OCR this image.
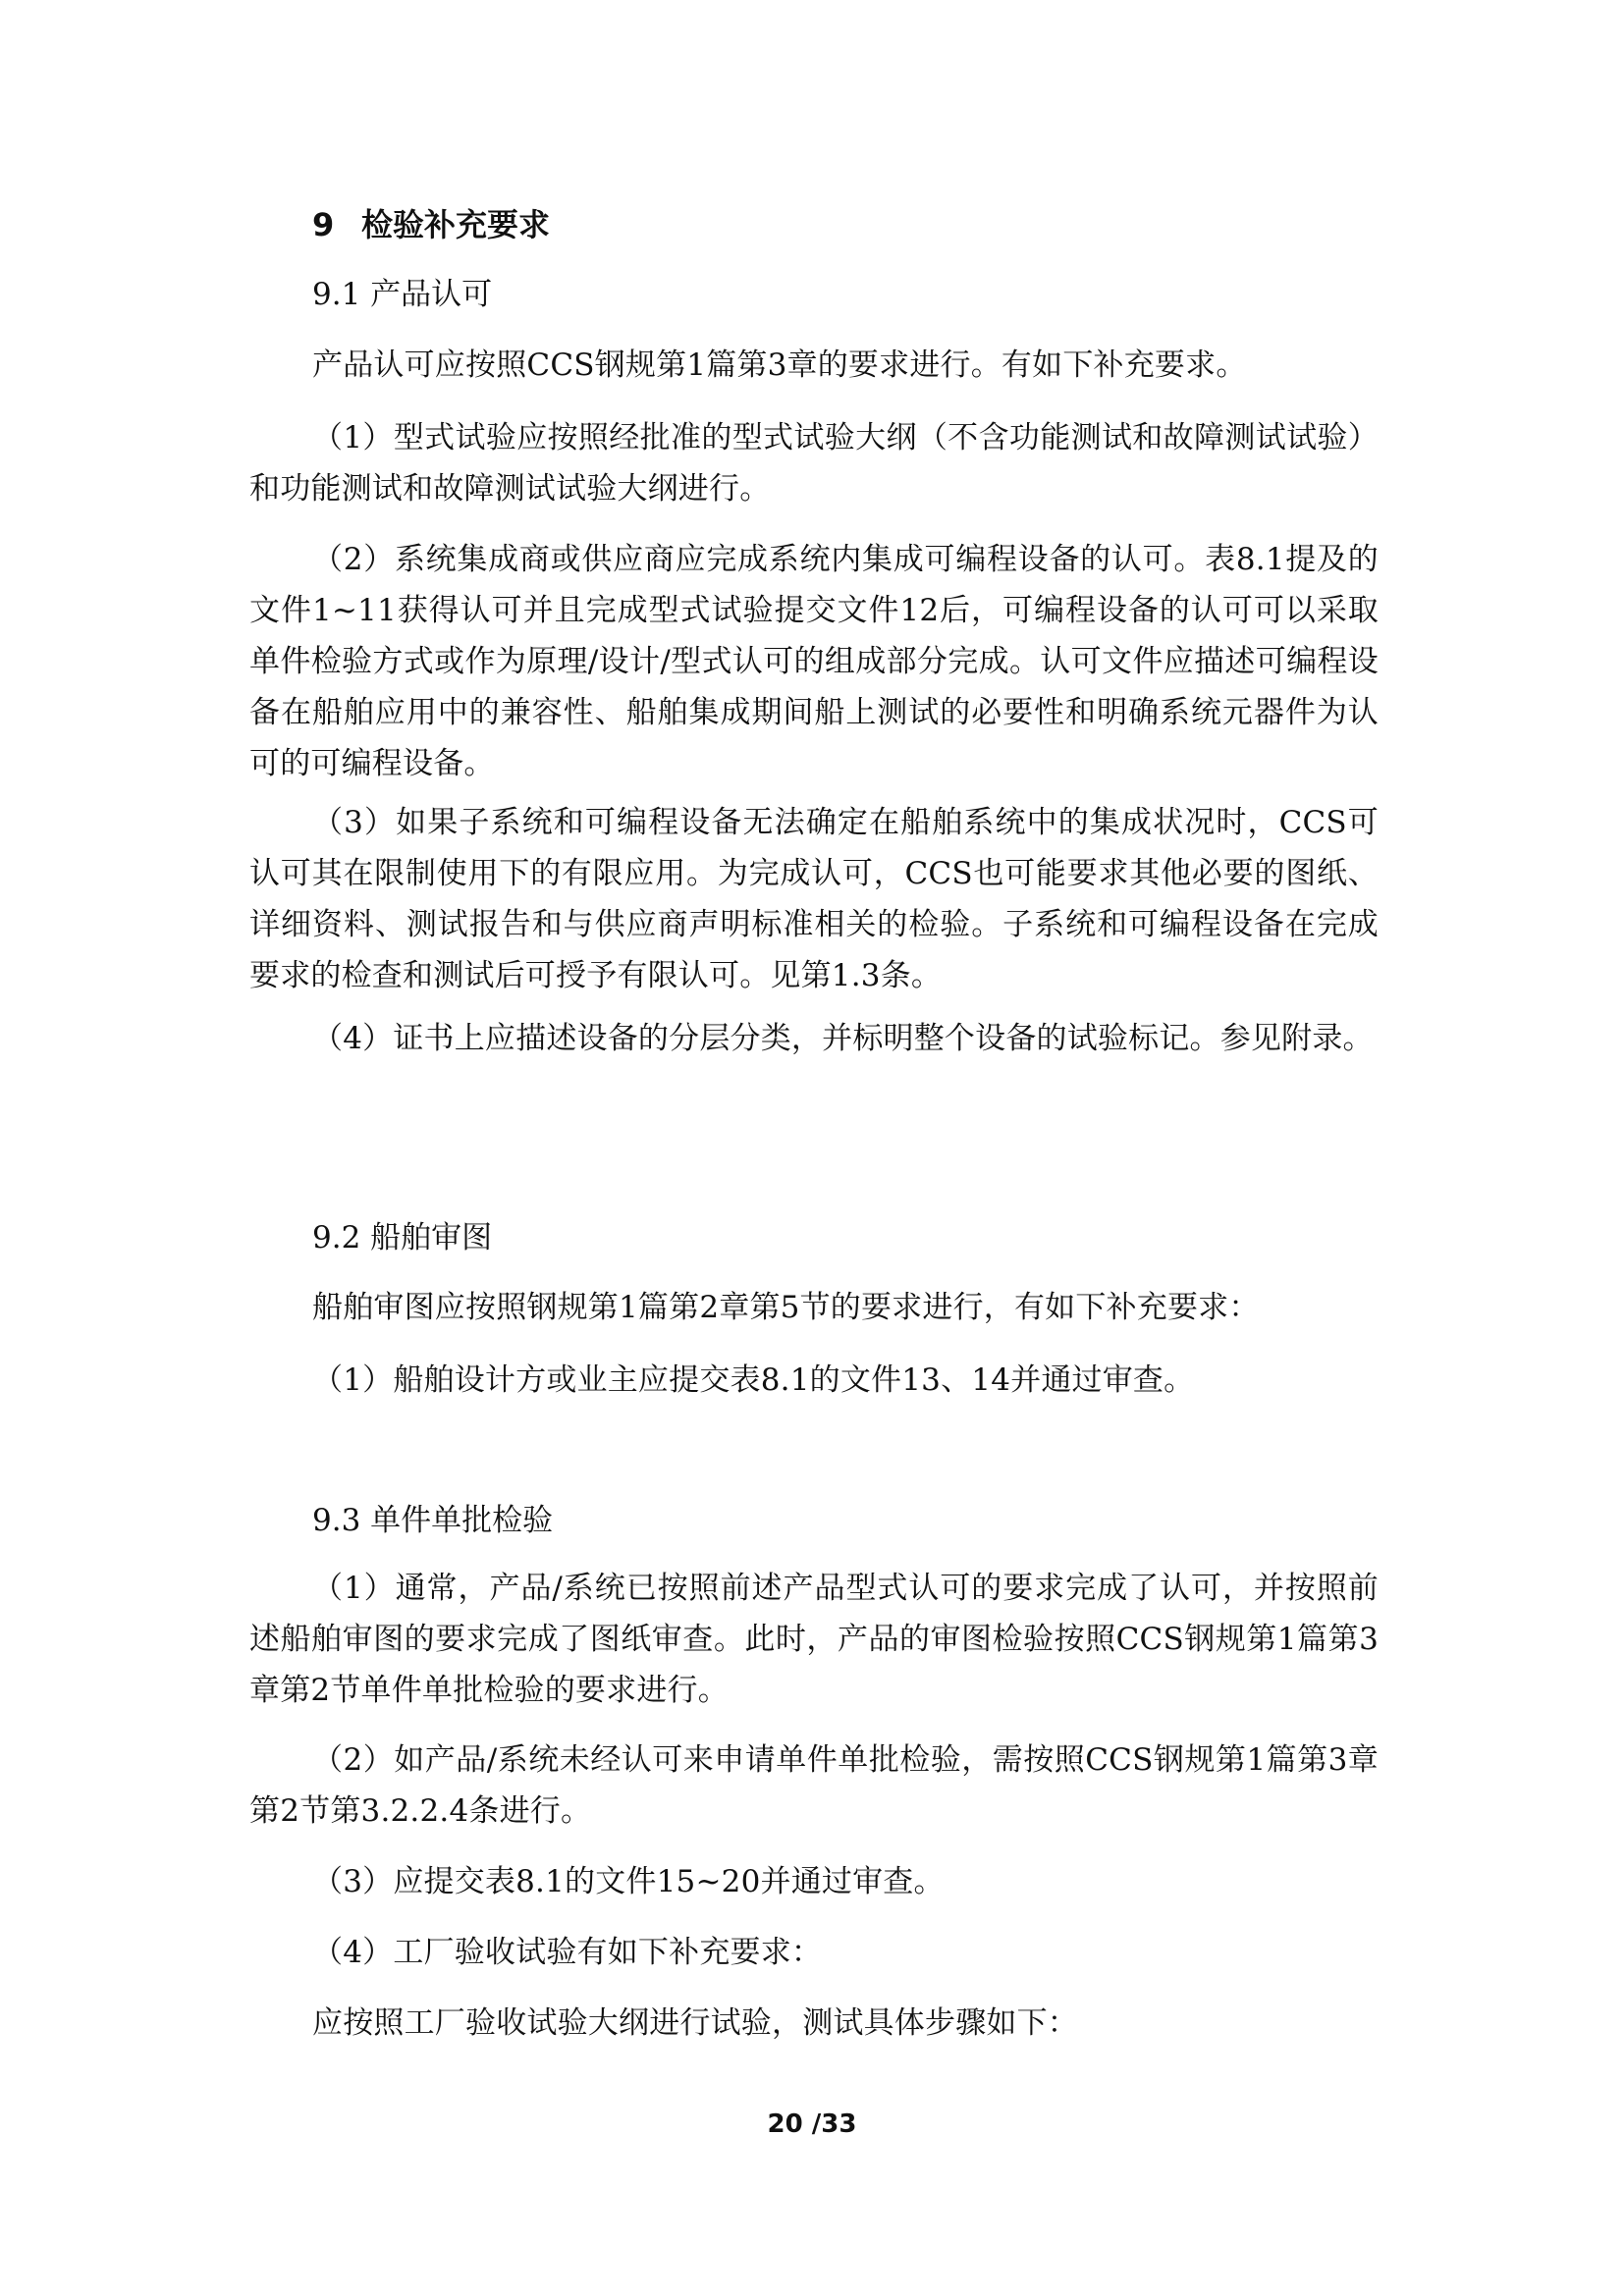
9 检验补充要求
9.1 产品认可
产品认可应按照CCS钢规第1篇第3章的要求进行。有如下补充要求。
（1）型式试验应按照经批准的型式试验大纲（不含功能测试和故障测试试验）和功能测试和故障测试试验大纲进行。
（2）系统集成商或供应商应完成系统内集成可编程设备的认可。表8.1提及的文件1~11获得认可并且完成型式试验提交文件12后，可编程设备的认可可以采取单件检验方式或作为原理/设计/型式认可的组成部分完成。认可文件应描述可编程设备在船舶应用中的兼容性、船舶集成期间船上测试的必要性和明确系统元器件为认可的可编程设备。
（3）如果子系统和可编程设备无法确定在船舶系统中的集成状况时，CCS可认可其在限制使用下的有限应用。为完成认可，CCS也可能要求其他必要的图纸、详细资料、测试报告和与供应商声明标准相关的检验。子系统和可编程设备在完成要求的检查和测试后可授予有限认可。见第1.3条。
（4）证书上应描述设备的分层分类，并标明整个设备的试验标记。参见附录。
9.2 船舶审图
船舶审图应按照钢规第1篇第2章第5节的要求进行，有如下补充要求：
（1）船舶设计方或业主应提交表8.1的文件13、14并通过审查。
9.3 单件单批检验
（1）通常，产品/系统已按照前述产品型式认可的要求完成了认可，并按照前述船舶审图的要求完成了图纸审查。此时，产品的审图检验按照CCS钢规第1篇第3章第2节单件单批检验的要求进行。
（2）如产品/系统未经认可来申请单件单批检验，需按照CCS钢规第1篇第3章第2节第3.2.2.4条进行。
（3）应提交表8.1的文件15~20并通过审查。
（4）工厂验收试验有如下补充要求：
应按照工厂验收试验大纲进行试验，测试具体步骤如下：
20 /33
